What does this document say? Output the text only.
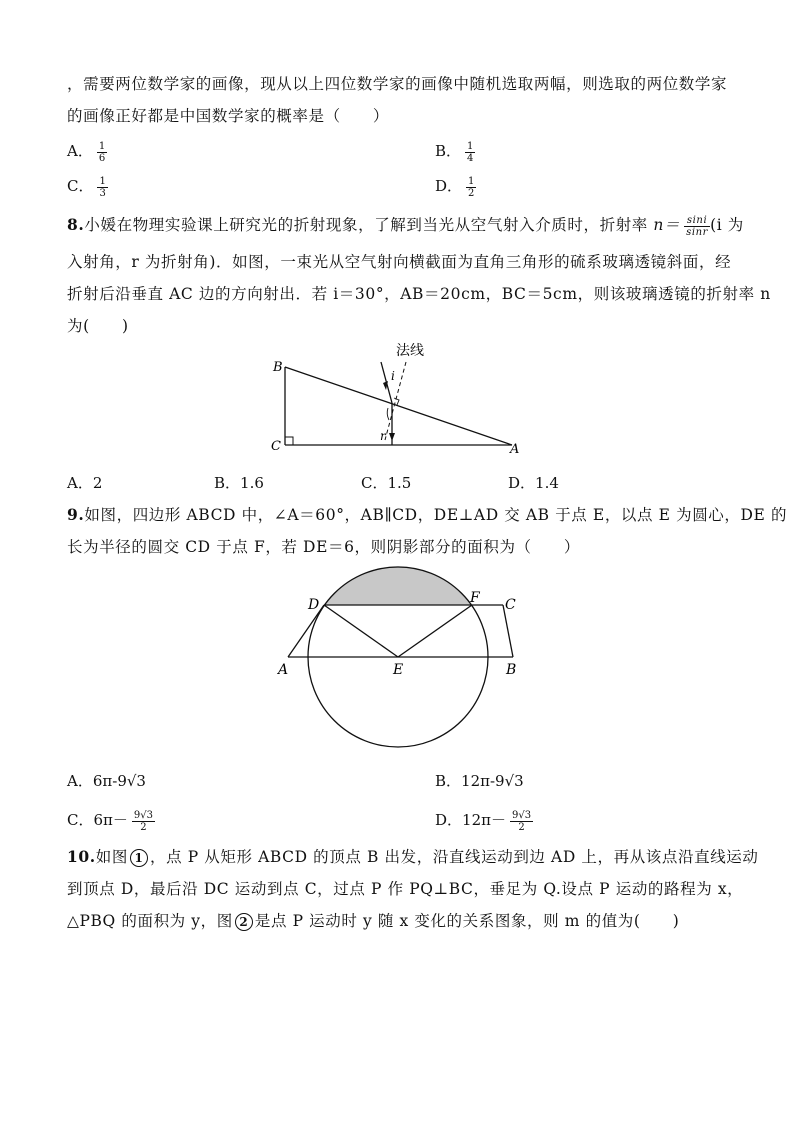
，需要两位数学家的画像，现从以上四位数学家的画像中随机选取两幅，则选取的两位数学家
的画像正好都是中国数学家的概率是（　　）
A． $\frac{1}{6}$	B． $\frac{1}{4}$
C． $\frac{1}{3}$	D． $\frac{1}{2}$
8.小媛在物理实验课上研究光的折射现象，了解到当光从空气射入介质时，折射率 $n= \frac{\sin i}{\sin r} (i$ 为
入射角，r 为折射角)．如图，一束光从空气射向横截面为直角三角形的硫系玻璃透镜斜面，经
折射后沿垂直 AC 边的方向射出．若 i＝30°，AB＝20cm，BC＝5cm，则该玻璃透镜的折射率 n
为(　　)
B
C	A
法线
i
r
A．2	B．1.6	C．1.5	D．1.4
9.如图，四边形 ABCD 中，∠A＝60°，AB∥CD，DE⊥AD 交 AB 于点 E，以点 E 为圆心，DE 的
长为半径的圆交 CD 于点 F，若 DE＝6，则阴影部分的面积为（　　）
D	F C
A	E	B
A．6π-9√3	B．12π-9√3
C．$6\pi- \frac{9√3}{2}$	D．$12\pi- \frac{9√3}{2}$
10.如图 1 ，点 P 从矩形 ABCD 的顶点 B 出发，沿直线运动到边 AD 上，再从该点沿直线运动
到顶点 D，最后沿 DC 运动到点 C，过点 P 作 PQ⊥BC，垂足为 Q.设点 P 运动的路程为 x，
△PBQ 的面积为 y，图 2 是点 P 运动时 y 随 x 变化的关系图象，则 m 的值为(　　)
